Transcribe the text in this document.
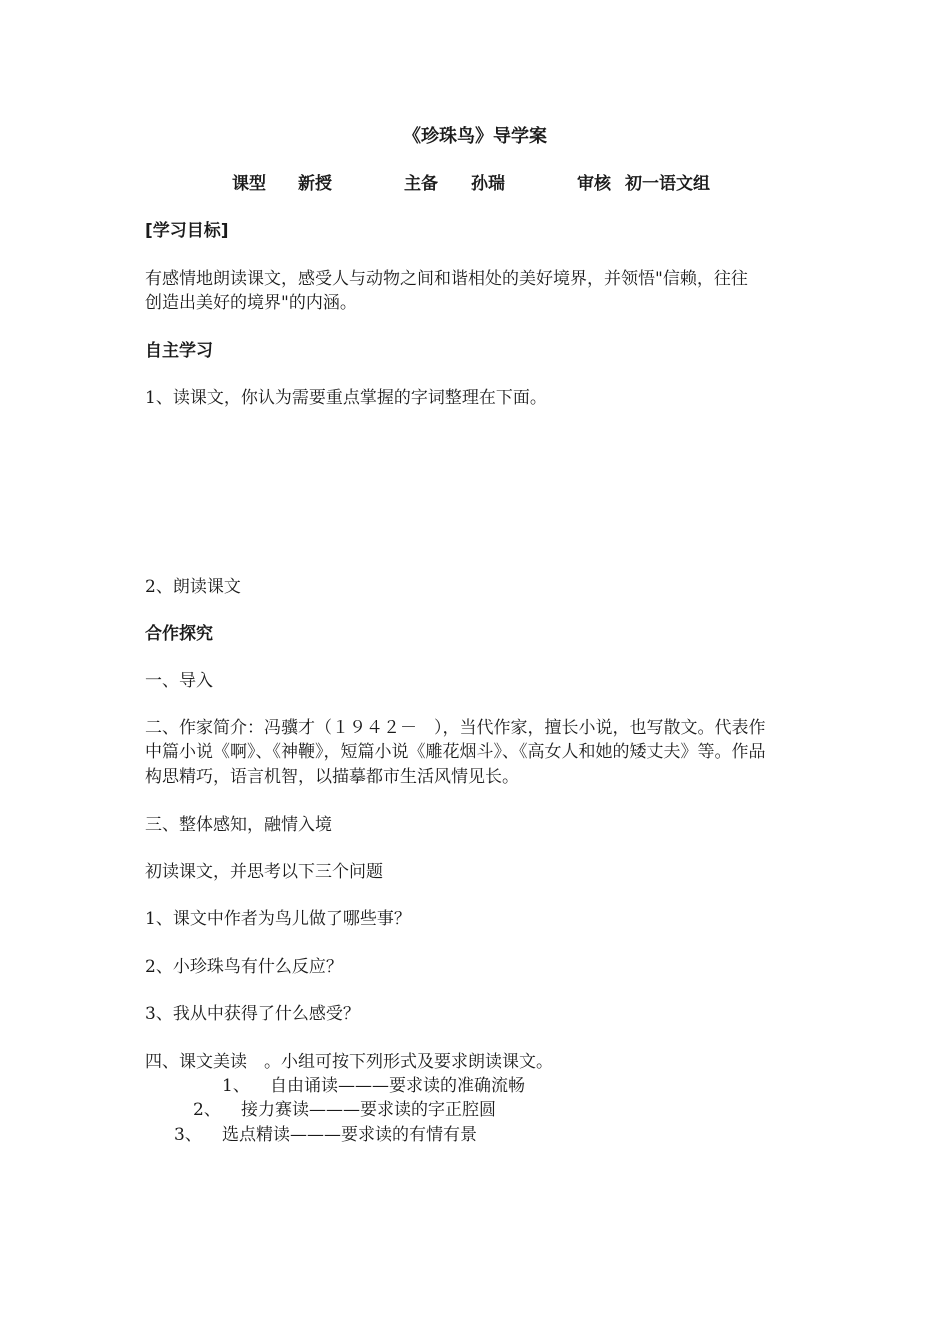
《珍珠鸟》导学案
课型 新授	主备 孙瑞	审核 初一语文组
[学习目标]
有感情地朗读课文，感受人与动物之间和谐相处的美好境界，并领悟"信赖，往往
创造出美好的境界"的内涵。
自主学习
1、读课文，你认为需要重点掌握的字词整理在下面。
2、朗读课文
合作探究
一、导入
二、作家简介：冯骥才（１９４２－　），当代作家，擅长小说，也写散文。代表作
中篇小说《啊》、《神鞭》，短篇小说《雕花烟斗》、《高女人和她的矮丈夫》等。作品
构思精巧，语言机智，以描摹都市生活风情见长。
三、整体感知，融情入境
初读课文，并思考以下三个问题
1、课文中作者为鸟儿做了哪些事？
2、小珍珠鸟有什么反应？
3、我从中获得了什么感受？
四、课文美读　。小组可按下列形式及要求朗读课文。
1、 自由诵读———要求读的准确流畅
2、 接力赛读———要求读的字正腔圆
3、 选点精读———要求读的有情有景
